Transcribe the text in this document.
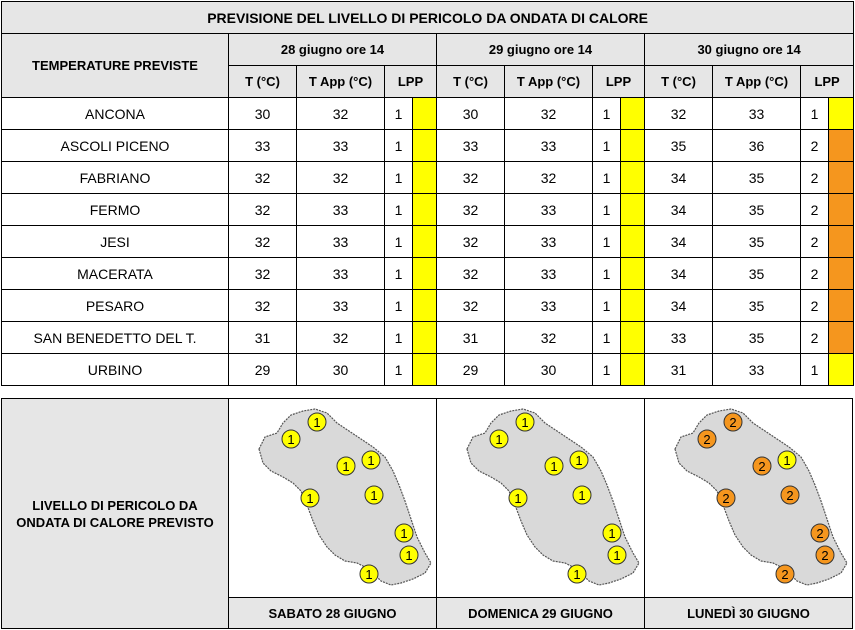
PREVISIONE DEL LIVELLO DI PERICOLO DA ONDATA DI CALORE												
TEMPERATURE PREVISTE	28 giugno ore 14				29 giugno ore 14				30 giugno ore 14			
	T (°C)	T App (°C)	LPP		T (°C)	T App (°C)	LPP		T (°C)	T App (°C)	LPP	
ANCONA	30	32	1		30	32	1		32	33	1	
ASCOLI PICENO	33	33	1		33	33	1		35	36	2	
FABRIANO	32	32	1		32	32	1		34	35	2	
FERMO	32	33	1		32	33	1		34	35	2	
JESI	32	33	1		32	33	1		34	35	2	
MACERATA	32	33	1		32	33	1		34	35	2	
PESARO	32	33	1		32	33	1		34	35	2	
SAN BENEDETTO DEL T.	31	32	1		31	32	1		33	35	2	
URBINO	29	30	1		29	30	1		31	33	1	
LIVELLO DI PERICOLO DA ONDATA DI CALORE PREVISTO
1
1
1
1
1	1
1
1
1
SABATO 28 GIUGNO
1
1
1
1
1	1
1
1
1
DOMENICA 29 GIUGNO
2
2
1
2
2	2
2
2
2
LUNEDÌ 30 GIUGNO
